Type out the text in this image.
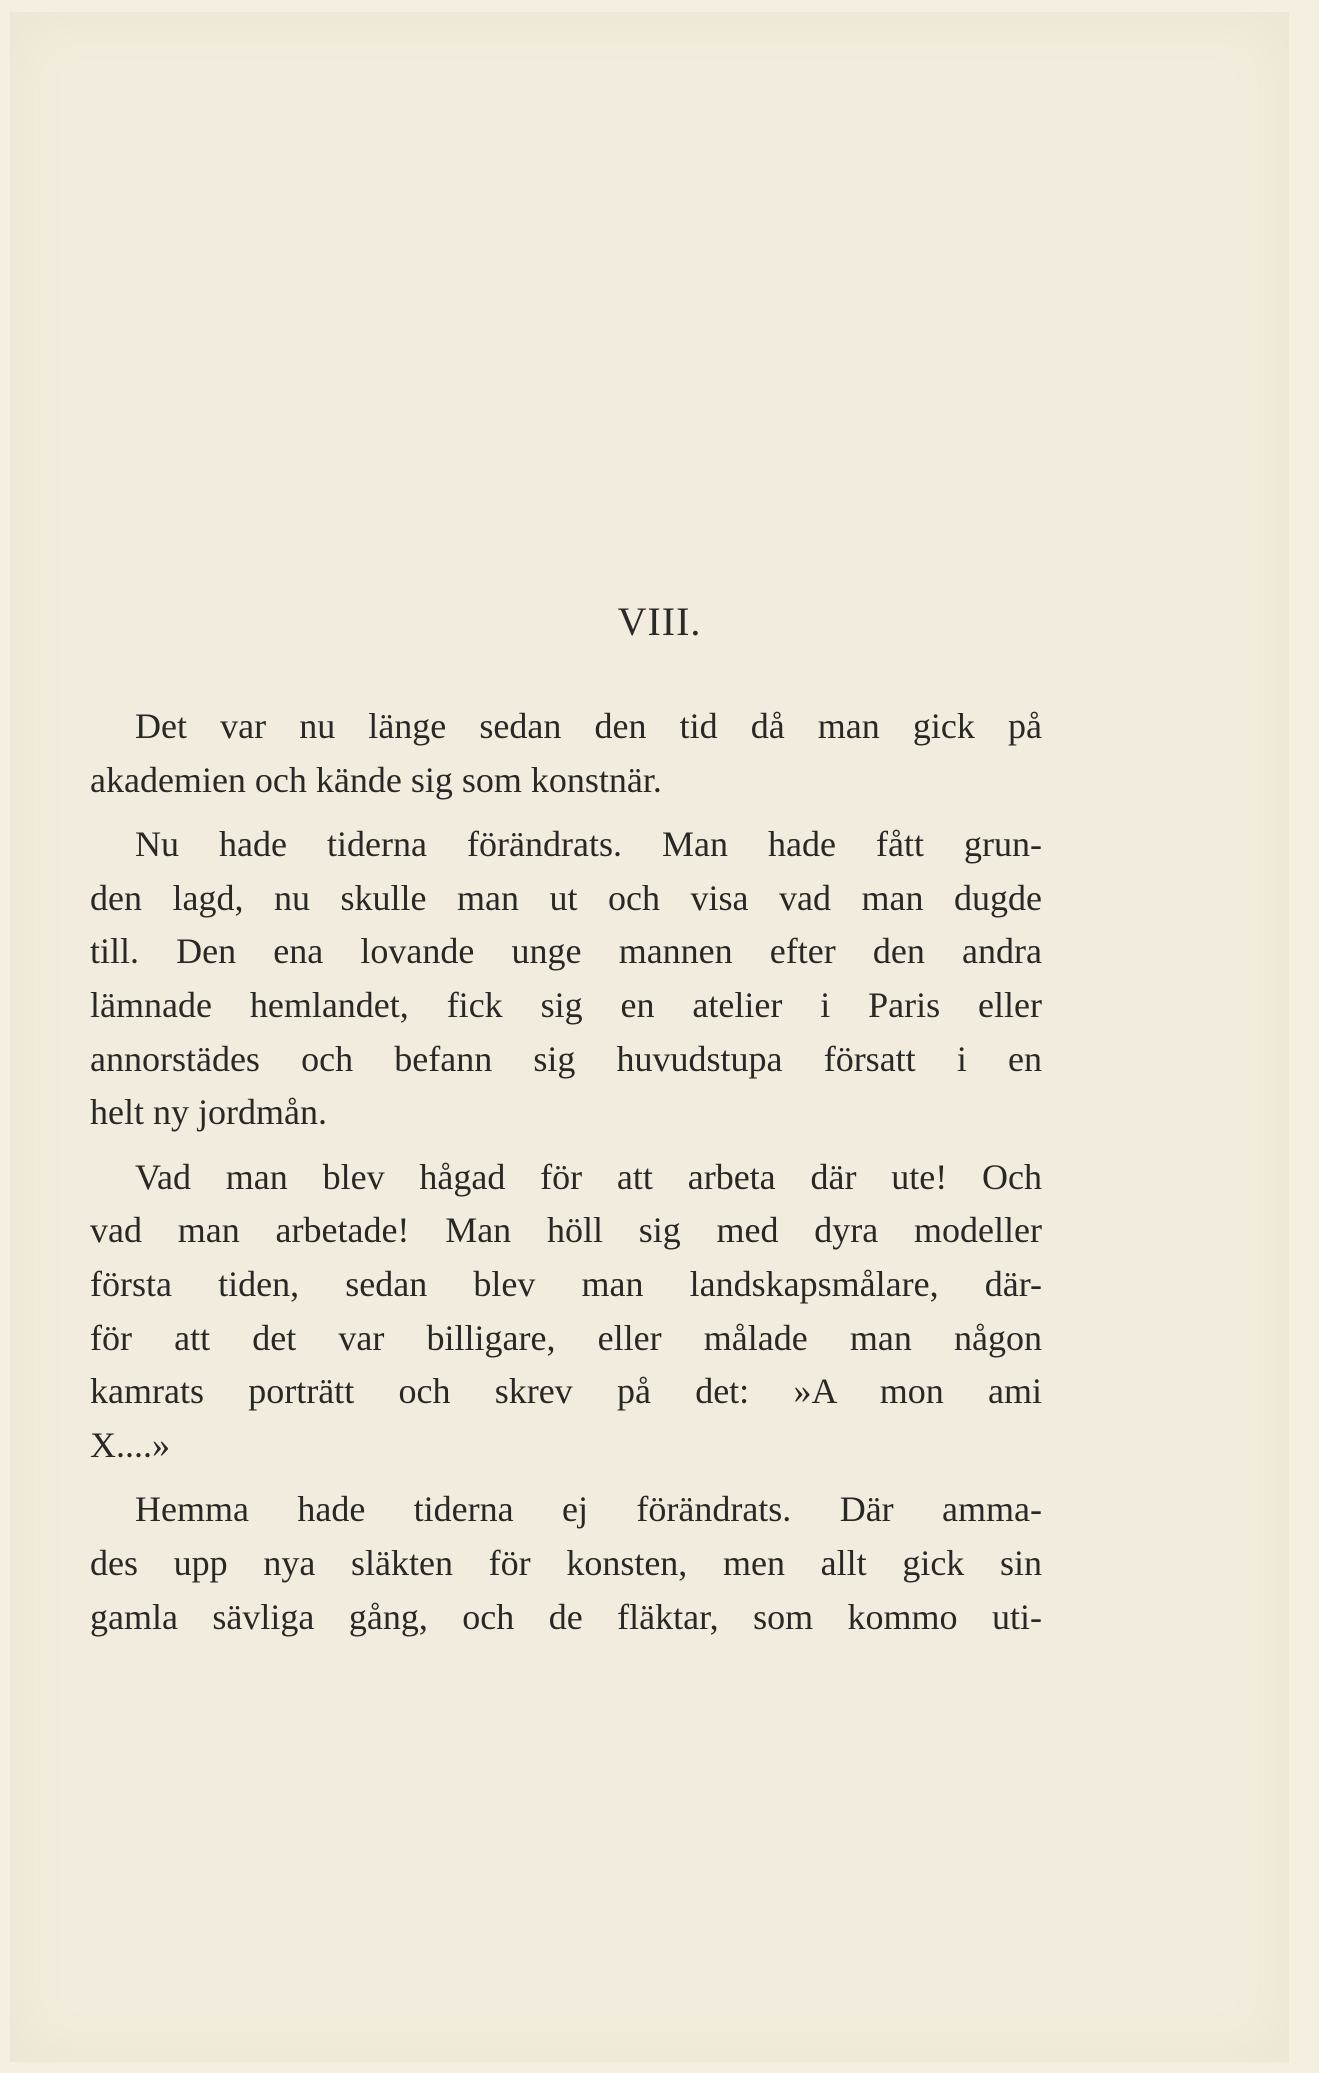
VIII.
Det var nu länge sedan den tid då man gick på
akademien och kände sig som konstnär.
Nu hade tiderna förändrats. Man hade fått grun-
den lagd, nu skulle man ut och visa vad man dugde
till. Den ena lovande unge mannen efter den andra
lämnade hemlandet, fick sig en atelier i Paris eller
annorstädes och befann sig huvudstupa försatt i en
helt ny jordmån.
Vad man blev hågad för att arbeta där ute! Och
vad man arbetade! Man höll sig med dyra modeller
första tiden, sedan blev man landskapsmålare, där-
för att det var billigare, eller målade man någon
kamrats porträtt och skrev på det: »A mon ami
X....»
Hemma hade tiderna ej förändrats. Där amma-
des upp nya släkten för konsten, men allt gick sin
gamla sävliga gång, och de fläktar, som kommo uti-
